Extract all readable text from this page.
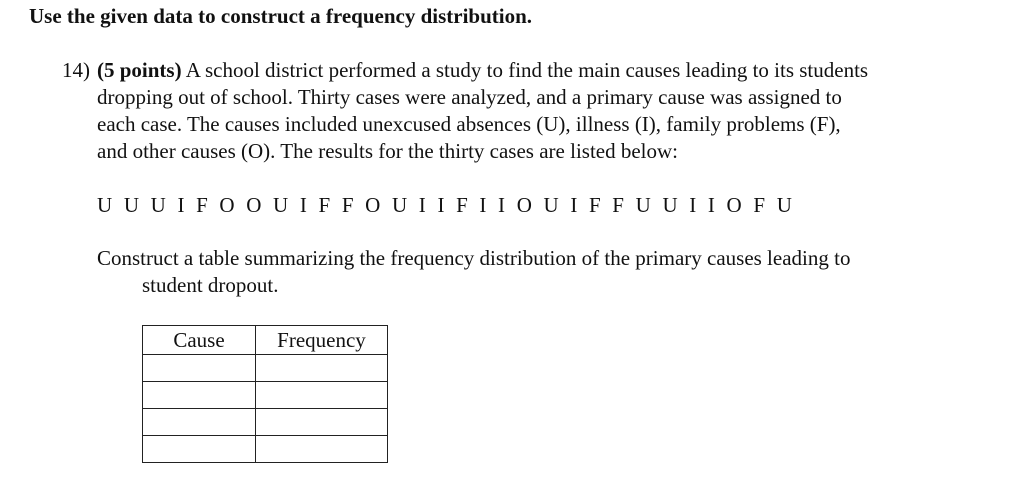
Use the given data to construct a frequency distribution.
14) (5 points) A school district performed a study to find the main causes leading to its students
dropping out of school. Thirty cases were analyzed, and a primary cause was assigned to
each case. The causes included unexcused absences (U), illness (I), family problems (F),
and other causes (O). The results for the thirty cases are listed below:
U U U I F O O U I F F O U I I F I I O U I F F U U I I O F U
Construct a table summarizing the frequency distribution of the primary causes leading to
student dropout.
Cause	Frequency
